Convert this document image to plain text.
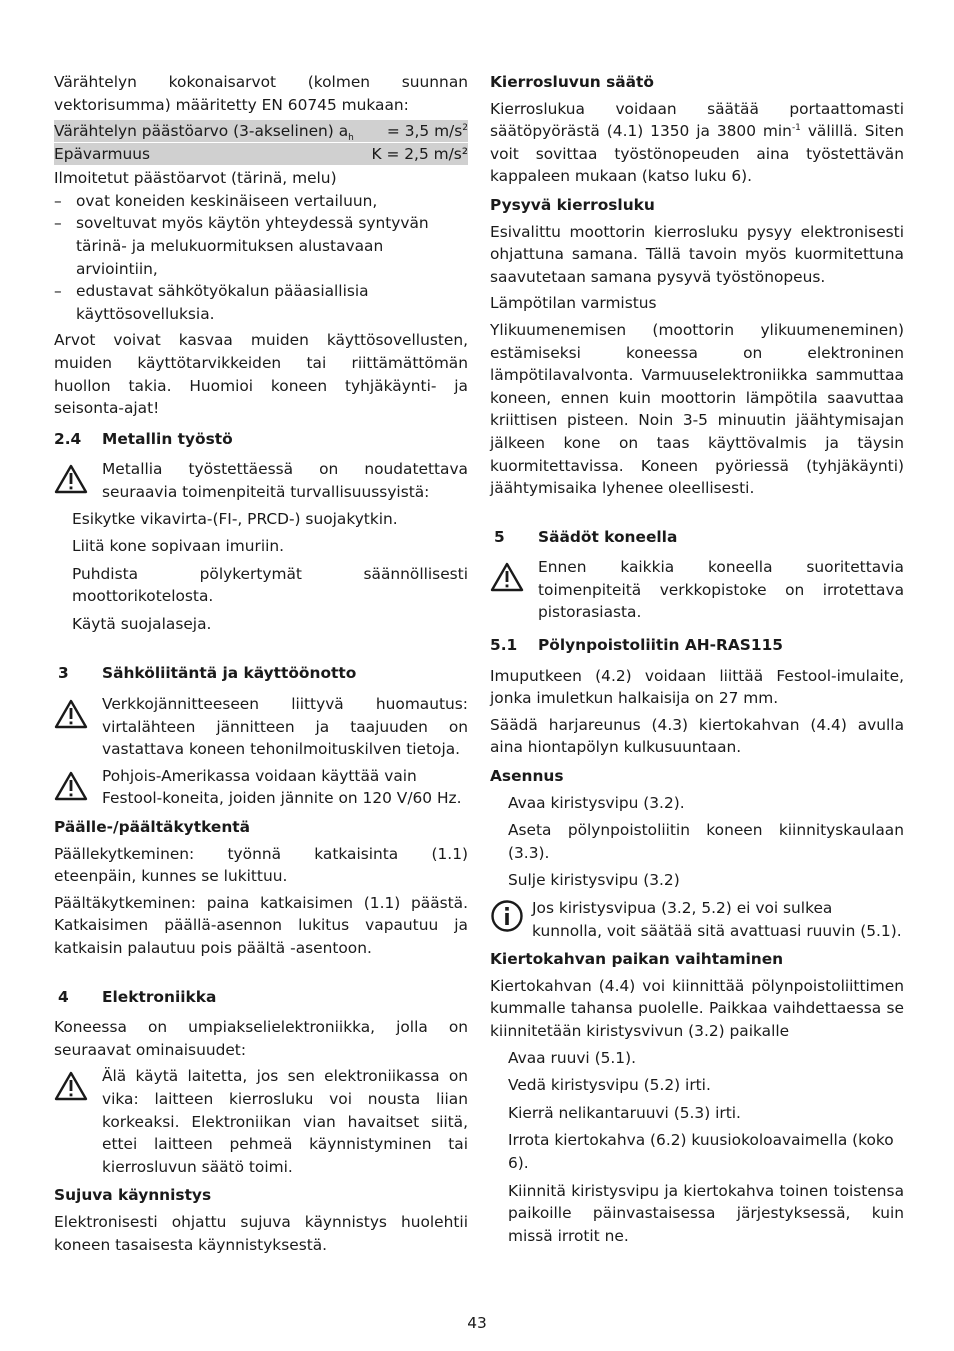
Värähtelyn kokonaisarvot (kolmen suunnan vektorisumma) määritetty EN 60745 mukaan:

Värähtelyn päästöarvo (3-akselinen) $a_h = 3,5$ $m/s^2$
Epävarmuus	K = 2,5 m/s²

Ilmoitetut päästöarvot (tärinä, melu)

– ovat koneiden keskinäiseen vertailuun,
– soveltuvat myös käytön yhteydessä syntyvän tärinä- ja melukuormituksen alustavaan arviointiin,
– edustavat sähkötyökalun pääasiallisia käyttösovelluksia.

Arvot voivat kasvaa muiden käyttösovellusten, muiden käyttötarvikkeiden tai riittämättömän huollon takia. Huomioi koneen tyhjäkäynti- ja seisonta-ajat!

2.4	Metallin työstö
Metallia työstettäessä on noudatettava seuraavia toimenpiteitä turvallisuussyistä:

Esikytke vikavirta-(FI-, PRCD-) suojakytkin.

Liitä kone sopivaan imuriin.

Puhdista pölykertymät säännöllisesti moottorikotelosta.

Käytä suojalaseja.

3	Sähköliitäntä ja käyttöönotto
Verkkojännitteeseen liittyvä huomautus: virtalähteen jännitteen ja taajuuden on vastattava koneen tehonilmoituskilven tietoja.
Pohjois-Amerikassa voidaan käyttää vain Festool-koneita, joiden jännite on 120 V/60 Hz.

Päälle-/päältäkytkentä

Päällekytkeminen: työnnä katkaisinta (1.1) eteenpäin, kunnes se lukittuu.

Päältäkytkeminen: paina katkaisimen (1.1) päästä. Katkaisimen päällä-asennon lukitus vapautuu ja katkaisin palautuu pois päältä -asentoon.

4	Elektroniikka

Koneessa on umpiakselielektroniikka, jolla on seuraavat ominaisuudet:

Älä käytä laitetta, jos sen elektroniikassa on vika: laitteen kierrosluku voi nousta liian korkeaksi. Elektroniikan vian havaitset siitä, ettei laitteen pehmeä käynnistyminen tai kierrosluvun säätö toimi.

Sujuva käynnistys

Elektronisesti ohjattu sujuva käynnistys huolehtii koneen tasaisesta käynnistyksestä.

Kierrosluvun säätö

Kierroslukua voidaan säätää portaattomasti säätöpyörästä (4.1) 1350 ja 3800 $\min^{-1}$ välillä. Siten voit sovittaa työstönopeuden aina työstettävän kappaleen mukaan (katso luku 6).

Pysyvä kierrosluku

Esivalittu moottorin kierrosluku pysyy elektronisesti ohjattuna samana. Tällä tavoin myös kuormitettuna saavutetaan samana pysyvä työstönopeus.

Lämpötilan varmistus

Ylikuumenemisen (moottorin ylikuumeneminen) estämiseksi koneessa on elektroninen lämpötilavalvonta. Varmuuselektroniikka sammuttaa koneen, ennen kuin moottorin lämpötila saavuttaa kriittisen pisteen. Noin 3-5 minuutin jäähtymisajan jälkeen kone on taas käyttövalmis ja täysin kuormitettavissa. Koneen pyöriessä (tyhjäkäynti) jäähtymisaika lyhenee oleellisesti.

5	Säädöt koneella
Ennen kaikkia koneella suoritettavia toimenpiteitä verkkopistoke on irrotettava pistorasiasta.
5.1	Pölynpoistoliitin AH-RAS115

Imuputkeen (4.2) voidaan liittää Festool-imulaite, jonka imuletkun halkaisija on 27 mm.

Säädä harjareunus (4.3) kiertokahvan (4.4) avulla aina hiontapölyn kulkusuuntaan.

Asennus

Avaa kiristysvipu (3.2).

Aseta pölynpoistoliitin koneen kiinnityskaulaan (3.3).

Sulje kiristysvipu (3.2)

Jos kiristysvipua (3.2, 5.2) ei voi sulkea kunnolla, voit säätää sitä avattuasi ruuvin (5.1).

Kiertokahvan paikan vaihtaminen

Kiertokahvan (4.4) voi kiinnittää pölynpoistoliittimen kummalle tahansa puolelle. Paikkaa vaihdettaessa se kiinnitetään kiristysvivun (3.2) paikalle

Avaa ruuvi (5.1).

Vedä kiristysvipu (5.2) irti.

Kierrä nelikantaruuvi (5.3) irti.

Irrota kiertokahva (6.2) kuusiokoloavaimella (koko 6).

Kiinnitä kiristysvipu ja kiertokahva toinen toistensa paikoille päinvastaisessa järjestyksessä, kuin missä irrotit ne.

43
